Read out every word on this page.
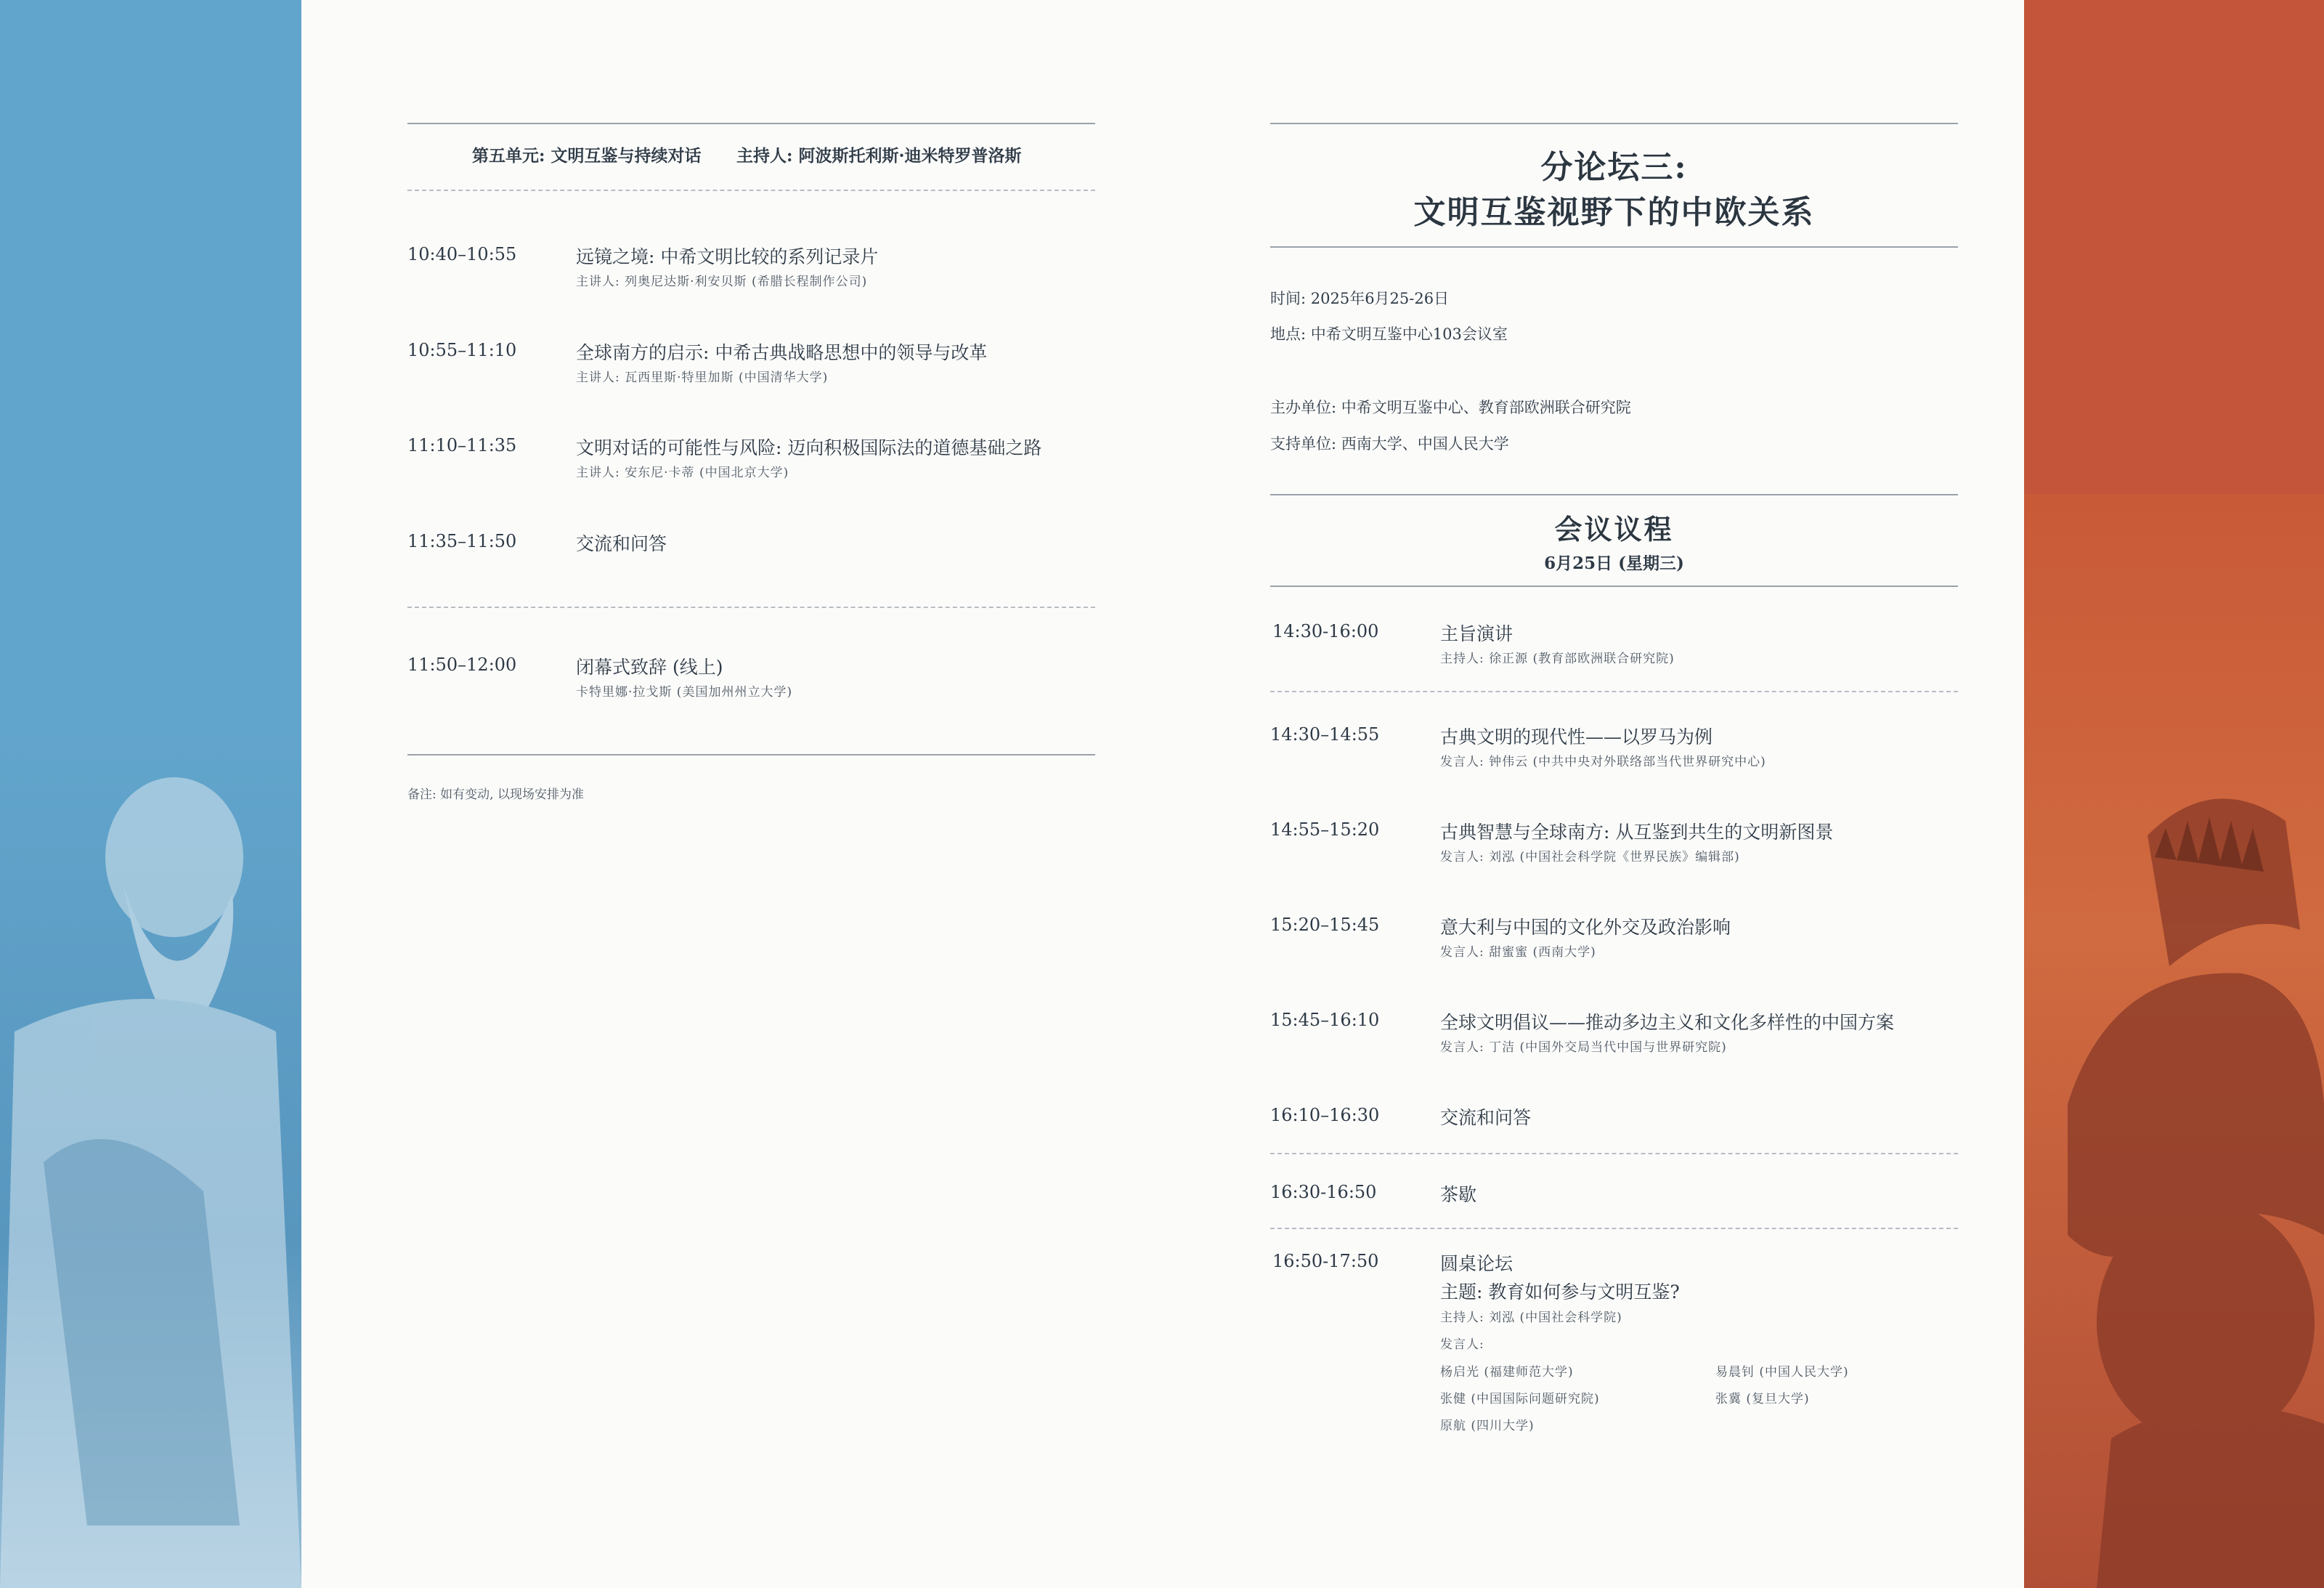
第五单元: 文明互鉴与持续对话 主持人: 阿波斯托利斯·迪米特罗普洛斯
10:40–10:55	远镜之境: 中希文明比较的系列记录片
主讲人: 列奥尼达斯·利安贝斯 (希腊长程制作公司)
10:55–11:10	全球南方的启示: 中希古典战略思想中的领导与改革
主讲人: 瓦西里斯·特里加斯 (中国清华大学)
11:10–11:35	文明对话的可能性与风险: 迈向积极国际法的道德基础之路
主讲人: 安东尼·卡蒂 (中国北京大学)
11:35–11:50	交流和问答
11:50–12:00	闭幕式致辞 (线上)
卡特里娜·拉戈斯 (美国加州州立大学)
备注: 如有变动, 以现场安排为准
分论坛三:
文明互鉴视野下的中欧关系
时间: 2025年6月25-26日
地点: 中希文明互鉴中心103会议室
主办单位: 中希文明互鉴中心、教育部欧洲联合研究院
支持单位: 西南大学、中国人民大学
会议议程
6月25日 (星期三)
14:30-16:00	主旨演讲
主持人: 徐正源 (教育部欧洲联合研究院)
14:30–14:55	古典文明的现代性——以罗马为例
发言人: 钟伟云 (中共中央对外联络部当代世界研究中心)
14:55–15:20	古典智慧与全球南方: 从互鉴到共生的文明新图景
发言人: 刘泓 (中国社会科学院《世界民族》编辑部)
15:20–15:45	意大利与中国的文化外交及政治影响
发言人: 甜蜜蜜 (西南大学)
15:45–16:10	全球文明倡议——推动多边主义和文化多样性的中国方案
发言人: 丁洁 (中国外交局当代中国与世界研究院)
16:10–16:30	交流和问答
16:30-16:50	茶歇
16:50-17:50	圆桌论坛
主题: 教育如何参与文明互鉴?
主持人: 刘泓 (中国社会科学院)
发言人:
杨启光 (福建师范大学)	易晨钊 (中国人民大学)
张健 (中国国际问题研究院)	张冀 (复旦大学)
原航 (四川大学)
